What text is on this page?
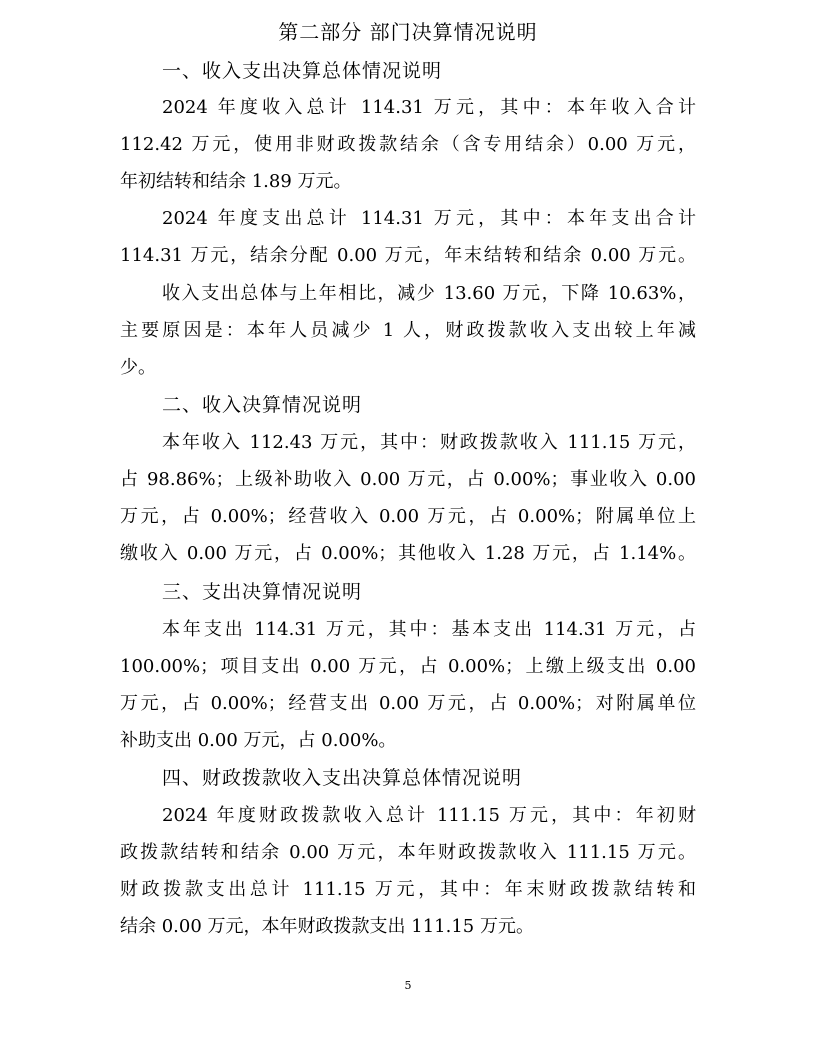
第二部分 部门决算情况说明
一、收入支出决算总体情况说明
2024 年度收入总计 114.31 万元，其中：本年收入合计
112.42 万元，使用非财政拨款结余（含专用结余）0.00 万元，
年初结转和结余 1.89 万元。
2024 年度支出总计 114.31 万元，其中：本年支出合计
114.31 万元，结余分配 0.00 万元，年末结转和结余 0.00 万元。
收入支出总体与上年相比，减少 13.60 万元，下降 10.63%，
主要原因是：本年人员减少 1 人，财政拨款收入支出较上年减
少。
二、收入决算情况说明
本年收入 112.43 万元，其中：财政拨款收入 111.15 万元，
占 98.86%；上级补助收入 0.00 万元，占 0.00%；事业收入 0.00
万元，占 0.00%；经营收入 0.00 万元，占 0.00%；附属单位上
缴收入 0.00 万元，占 0.00%；其他收入 1.28 万元，占 1.14%。
三、支出决算情况说明
本年支出 114.31 万元，其中：基本支出 114.31 万元，占
100.00%；项目支出 0.00 万元，占 0.00%；上缴上级支出 0.00
万元，占 0.00%；经营支出 0.00 万元，占 0.00%；对附属单位
补助支出 0.00 万元，占 0.00%。
四、财政拨款收入支出决算总体情况说明
2024 年度财政拨款收入总计 111.15 万元，其中：年初财
政拨款结转和结余 0.00 万元，本年财政拨款收入 111.15 万元。
财政拨款支出总计 111.15 万元，其中：年末财政拨款结转和
结余 0.00 万元，本年财政拨款支出 111.15 万元。
5
